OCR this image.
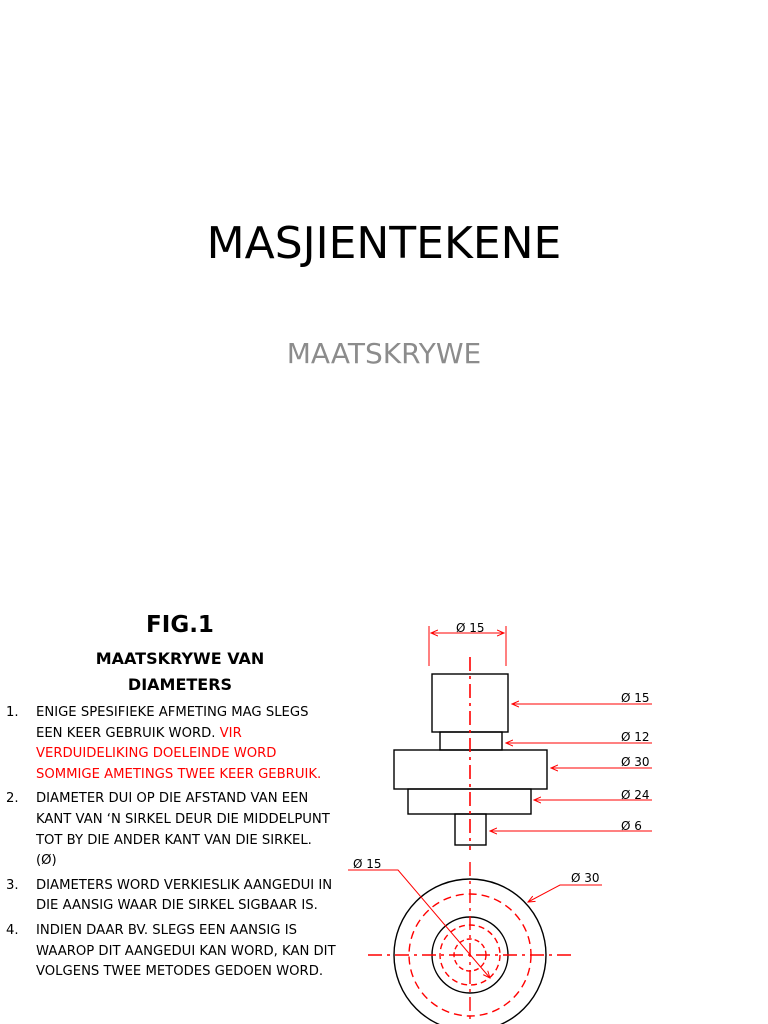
MASJIENTEKENE
MAATSKRYWE
FIG.1
MAATSKRYWE VAN
DIAMETERS
1. ENIGE SPESIFIEKE AFMETING MAG SLEGS EEN KEER GEBRUIK WORD. VIR VERDUIDELIKING DOELEINDE WORD SOMMIGE AMETINGS TWEE KEER GEBRUIK.
2. DIAMETER DUI OP DIE AFSTAND VAN EEN KANT VAN ‘N SIRKEL DEUR DIE MIDDELPUNT TOT BY DIE ANDER KANT VAN DIE SIRKEL. (Ø)
3. DIAMETERS WORD VERKIESLIK AANGEDUI IN DIE AANSIG WAAR DIE SIRKEL SIGBAAR IS.
4. INDIEN DAAR BV. SLEGS EEN AANSIG IS WAAROP DIT AANGEDUI KAN WORD, KAN DIT VOLGENS TWEE METODES GEDOEN WORD.
Ø 15
Ø 15
Ø 12
Ø 30
Ø 24
Ø 6
Ø 15
Ø 30
